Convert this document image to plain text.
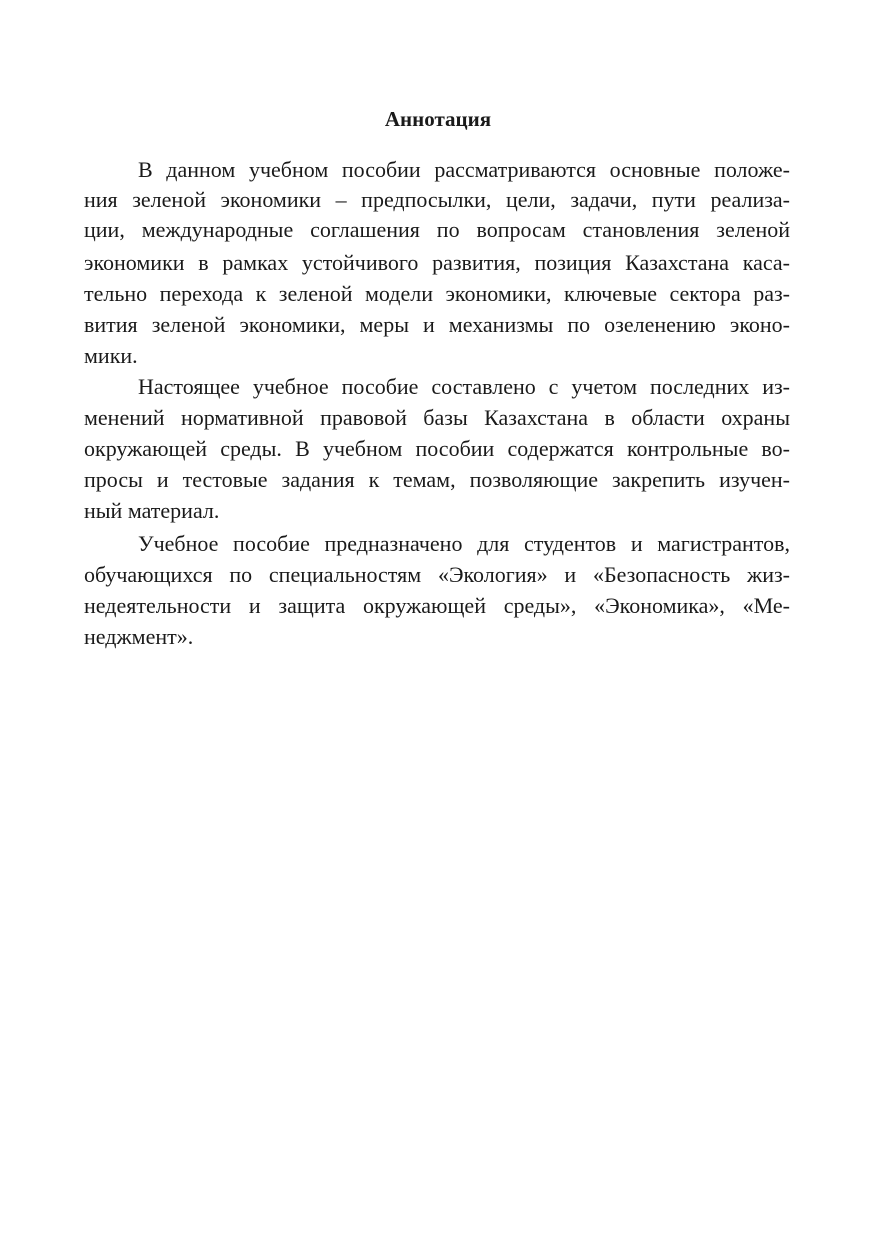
Аннотация
В данном учебном пособии рассматриваются основные положе-
ния зеленой экономики – предпосылки, цели, задачи, пути реализа-
ции, международные соглашения по вопросам становления зеленой
экономики в рамках устойчивого развития, позиция Казахстана каса-
тельно перехода к зеленой модели экономики, ключевые сектора раз-
вития зеленой экономики, меры и механизмы по озеленению эконо-
мики.
Настоящее учебное пособие составлено с учетом последних из-
менений нормативной правовой базы Казахстана в области охраны
окружающей среды. В учебном пособии содержатся контрольные во-
просы и тестовые задания к темам, позволяющие закрепить изучен-
ный материал.
Учебное пособие предназначено для студентов и магистрантов,
обучающихся по специальностям «Экология» и «Безопасность жиз-
недеятельности и защита окружающей среды», «Экономика», «Ме-
неджмент».
